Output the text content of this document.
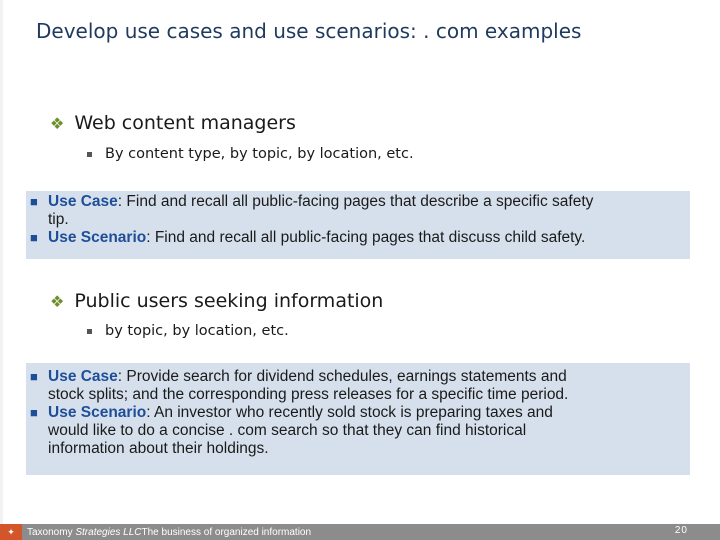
Develop use cases and use scenarios: . com examples
❖ Web content managers
By content type, by topic, by location, etc.
■ Use Case: Find and recall all public-facing pages that describe a specific safety
tip.
■ Use Scenario: Find and recall all public-facing pages that discuss child safety.
❖ Public users seeking information
by topic, by location, etc.
■ Use Case: Provide search for dividend schedules, earnings statements and
stock splits; and the corresponding press releases for a specific time period.
■ Use Scenario: An investor who recently sold stock is preparing taxes and
would like to do a concise . com search so that they can find historical
information about their holdings.
✦	Taxonomy
Strategies LLC The business of organized information	20
